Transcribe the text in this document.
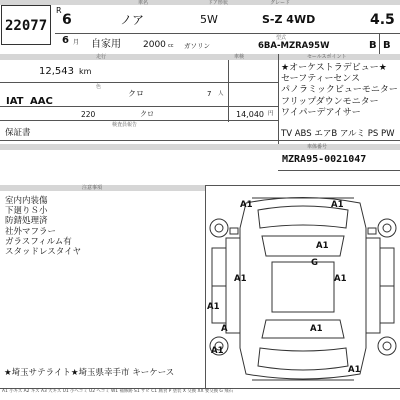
22077
車名	ドア形状	グレード
R
6
6 月
ノア	5W	S-Z 4WD	4.5
自家用 2000 cc ガソリン
型式
6BA-MZRA95W	B B
走行	車検	セールスポイント
12,543 km
IAT AAC
色
クロ	7 人
220	クロ	14,040 円
検査員報告
保証書
★オーケストラデビュー★
セーフティーセンス
パノラミックビューモニター
フリップダウンモニター
ワイパーデアイサー
TV ABS エアB アルミ PS PW
車体番号
MZRA95-0021047
注意事項
室内内装傷
下廻りＳ小
防錆処理済
社外マフラー
ガラスフィルム有
スタッドレスタイヤ
★埼玉サテライト★埼玉県幸手市 キーケース
A1	A1
A1
G
A1	A1
A1
A	A1
A1
A1
A1 小キズ A2 キズ A3 大キズ U1 小ヘコミ U2 ヘコミ W1 補修跡 S1 サビ C1 腐食 P 塗装 X 交換 XX 要交換 G 飛石
